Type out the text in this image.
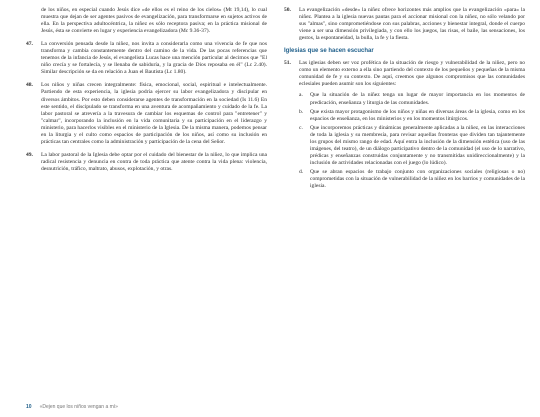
de los niños, en especial cuando Jesús dice «de ellos es el reino de los cielos» (Mt 19,14), lo cual muestra que dejan de ser agentes pasivos de evangelización, para transformarse en sujetos activos de ella. En la perspectiva adultocéntrica, la niñez es sólo receptora pasiva; en la práctica misional de Jesús, ésta se convierte en lugar y experiencia evangelizadora (Mc 9.36-37).
47.	La conversión pensada desde la niñez, nos invita a considerarla como una vivencia de fe que nos transforma y cambia constantemente dentro del camino de la vida. De las pocas referencias que tenemos de la infancia de Jesús, el evangelista Lucas hace una mención particular al decirnos que "El niño crecía y se fortalecía, y se llenaba de sabiduría, y la gracia de Dios reposaba en él" (Lc 2.40). Similar descripción se da en relación a Juan el Bautista (Lc 1.80).
48.	Los niños y niñas crecen integralmente: física, emocional, social, espiritual e intelectualmente. Partiendo de esta experiencia, la iglesia podría ejercer su labor evangelizadora y discipular en diversos ámbitos. Por esto deben considerarse agentes de transformación en la sociedad (Is 11.6) En este sentido, el discipulado se transforma en una aventura de acompañamiento y cuidado de la fe. La labor pastoral se atrevería a la travesura de cambiar los esquemas de control para "entretener" y "calmar", incorporando la inclusión en la vida comunitaria y su participación en el liderazgo y ministerio, para hacerlos visibles en el ministerio de la Iglesia. De la misma manera, podemos pensar en la liturgia y el culto como espacios de participación de los niños, así como su inclusión en prácticas tan centrales como la administración y participación de la cena del Señor.
49.	La labor pastoral de la Iglesia debe optar por el cuidado del bienestar de la niñez, lo que implica una radical resistencia y denuncia en contra de toda práctica que atente contra la vida plena: violencia, desnutrición, tráfico, maltrato, abusos, explotación, y otras.
50.	La evangelización «desde» la niñez ofrece horizontes más amplios que la evangelización «para» la niñez. Plantea a la iglesia nuevas pautas para el accionar misional con la niñez, no sólo velando por sus "almas", sino comprometiéndose con sus palabras, acciones y bienestar integral, donde el cuerpo viene a ser una dimensión privilegiada, y con ello los juegos, las risas, el baile, las sensaciones, los gestos, la espontaneidad, la bulla, la fe y la fiesta.
Iglesias que se hacen escuchar
51.	Las iglesias deben ser voz profética de la situación de riesgo y vulnerabilidad de la niñez, pero no como un elemento externo a ella sino partiendo del contexto de los pequeños y pequeñas de la misma comunidad de fe y su contexto. De aquí, creemos que algunos compromisos que las comunidades eclesiales pueden asumir son los siguientes:
a.	Que la situación de la niñez tenga un lugar de mayor importancia en los momentos de predicación, enseñanza y liturgia de las comunidades.
b.	Que exista mayor protagonismo de los niños y niñas en diversas áreas de la iglesia, como en los espacios de enseñanza, en los ministerios y en los momentos litúrgicos.
c.	Que incorporemos prácticas y dinámicas generalmente aplicadas a la niñez, en las interacciones de toda la iglesia y su membresía, para revisar aquellas fronteras que dividen tan tajantemente los grupos del mismo rango de edad. Aquí entra la inclusión de la dimensión estética (uso de las imágenes, del teatro), de un diálogo participativo dentro de la comunidad (el uso de lo narrativo, prédicas y enseñanzas construidas conjuntamente y no transmitidas unidireccionalmente) y la inclusión de actividades relacionadas con el juego (lo lúdico).
d.	Que se abran espacios de trabajo conjunto con organizaciones sociales (religiosas o no) comprometidas con la situación de vulnerabilidad de la niñez en los barrios y comunidades de la iglesia.
10 «Dejen que los niños vengan a mí»
